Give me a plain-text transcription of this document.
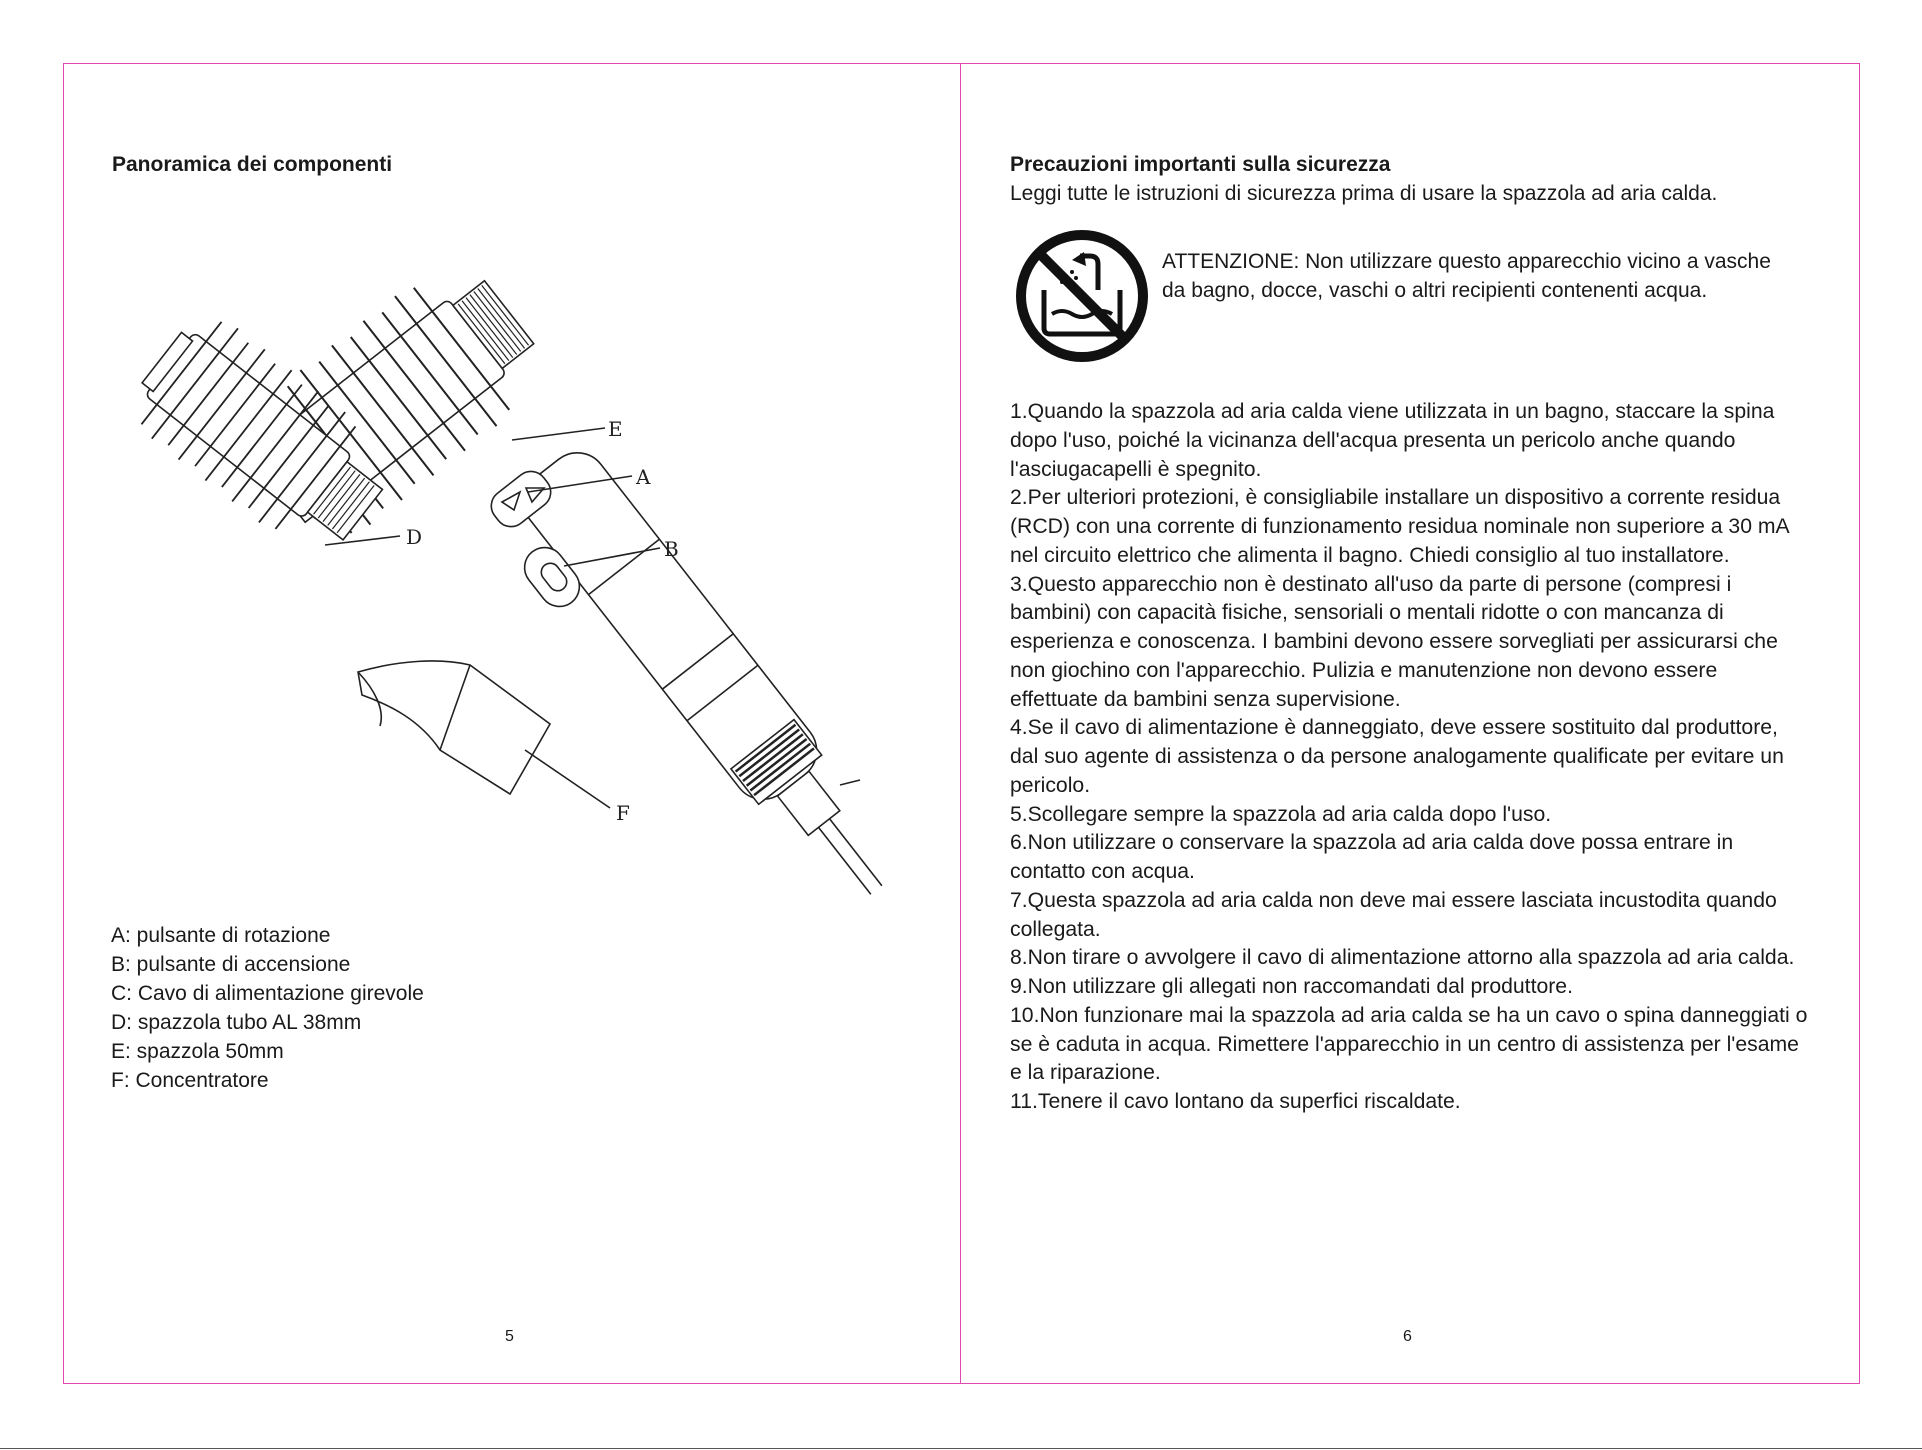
Panoramica dei componenti
E
A
D	B
F
A: pulsante di rotazione
B: pulsante di accensione
C: Cavo di alimentazione girevole
D: spazzola tubo AL 38mm
E: spazzola 50mm
F: Concentratore
5
Precauzioni importanti sulla sicurezza

Leggi tutte le istruzioni di sicurezza prima di usare la spazzola ad aria calda.

ATTENZIONE: Non utilizzare questo apparecchio vicino a vasche da bagno, docce, vaschi o altri recipienti contenenti acqua.

1.Quando la spazzola ad aria calda viene utilizzata in un bagno, staccare la spina dopo l'uso, poiché la vicinanza dell'acqua presenta un pericolo anche quando l'asciugacapelli è spegnito.
2.Per ulteriori protezioni, è consigliabile installare un dispositivo a corrente residua (RCD) con una corrente di funzionamento residua nominale non superiore a 30 mA nel circuito elettrico che alimenta il bagno. Chiedi consiglio al tuo installatore.
3.Questo apparecchio non è destinato all'uso da parte di persone (compresi i bambini) con capacità fisiche, sensoriali o mentali ridotte o con mancanza di esperienza e conoscenza. I bambini devono essere sorvegliati per assicurarsi che non giochino con l'apparecchio. Pulizia e manutenzione non devono essere effettuate da bambini senza supervisione.
4.Se il cavo di alimentazione è danneggiato, deve essere sostituito dal produttore, dal suo agente di assistenza o da persone analogamente qualificate per evitare un pericolo.
5.Scollegare sempre la spazzola ad aria calda dopo l'uso.
6.Non utilizzare o conservare la spazzola ad aria calda dove possa entrare in contatto con acqua.
7.Questa spazzola ad aria calda non deve mai essere lasciata incustodita quando collegata.
8.Non tirare o avvolgere il cavo di alimentazione attorno alla spazzola ad aria calda.
9.Non utilizzare gli allegati non raccomandati dal produttore.
10.Non funzionare mai la spazzola ad aria calda se ha un cavo o spina danneggiati o se è caduta in acqua. Rimettere l'apparecchio in un centro di assistenza per l'esame e la riparazione.
11.Tenere il cavo lontano da superfici riscaldate.
6
